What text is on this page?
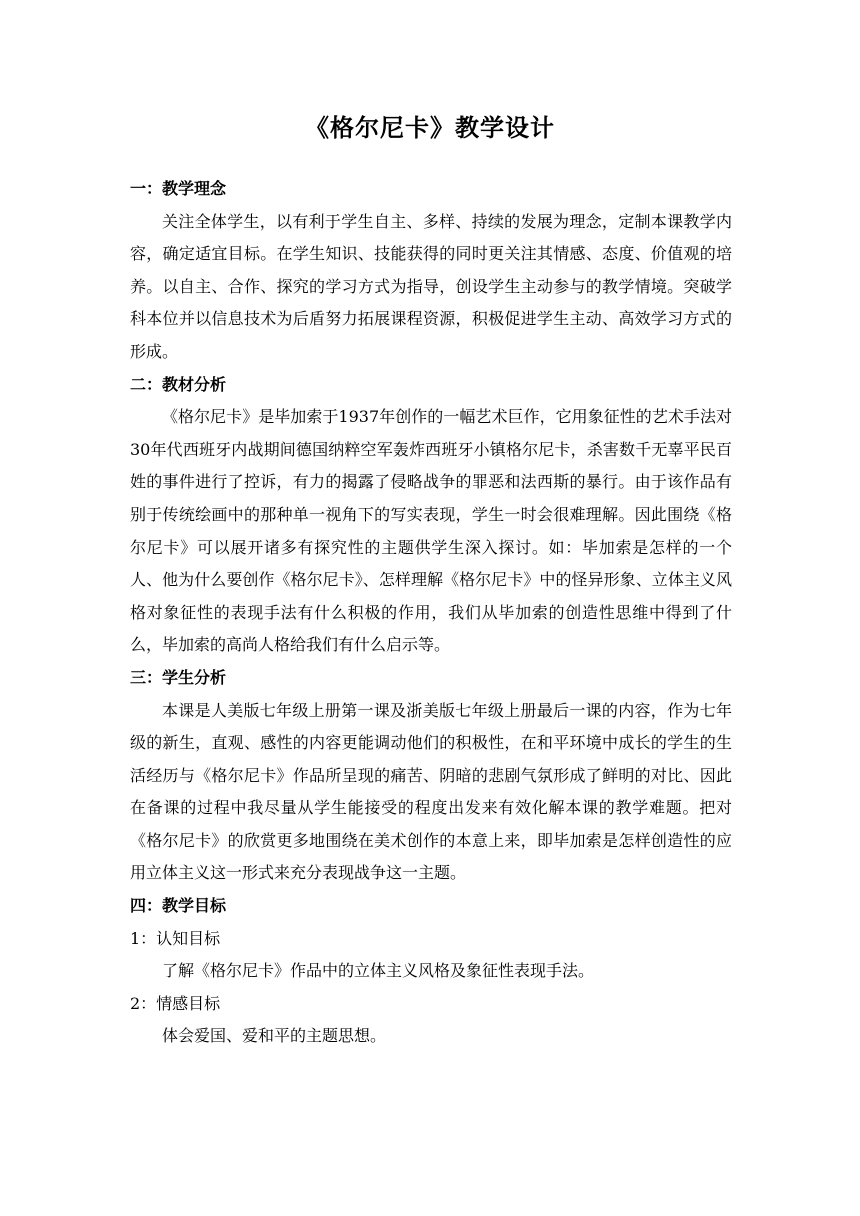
《格尔尼卡》教学设计

一：教学理念

关注全体学生，以有利于学生自主、多样、持续的发展为理念，定制本课教学内容，确定适宜目标。在学生知识、技能获得的同时更关注其情感、态度、价值观的培养。以自主、合作、探究的学习方式为指导，创设学生主动参与的教学情境。突破学科本位并以信息技术为后盾努力拓展课程资源，积极促进学生主动、高效学习方式的形成。

二：教材分析

《格尔尼卡》是毕加索于1937年创作的一幅艺术巨作，它用象征性的艺术手法对30年代西班牙内战期间德国纳粹空军轰炸西班牙小镇格尔尼卡，杀害数千无辜平民百姓的事件进行了控诉，有力的揭露了侵略战争的罪恶和法西斯的暴行。由于该作品有别于传统绘画中的那种单一视角下的写实表现，学生一时会很难理解。因此围绕《格尔尼卡》可以展开诸多有探究性的主题供学生深入探讨。如：毕加索是怎样的一个人、他为什么要创作《格尔尼卡》、怎样理解《格尔尼卡》中的怪异形象、立体主义风格对象征性的表现手法有什么积极的作用，我们从毕加索的创造性思维中得到了什么，毕加索的高尚人格给我们有什么启示等。

三：学生分析

本课是人美版七年级上册第一课及浙美版七年级上册最后一课的内容，作为七年级的新生，直观、感性的内容更能调动他们的积极性，在和平环境中成长的学生的生活经历与《格尔尼卡》作品所呈现的痛苦、阴暗的悲剧气氛形成了鲜明的对比、因此在备课的过程中我尽量从学生能接受的程度出发来有效化解本课的教学难题。把对《格尔尼卡》的欣赏更多地围绕在美术创作的本意上来，即毕加索是怎样创造性的应用立体主义这一形式来充分表现战争这一主题。

四：教学目标

1：认知目标

了解《格尔尼卡》作品中的立体主义风格及象征性表现手法。

2：情感目标

体会爱国、爱和平的主题思想。
